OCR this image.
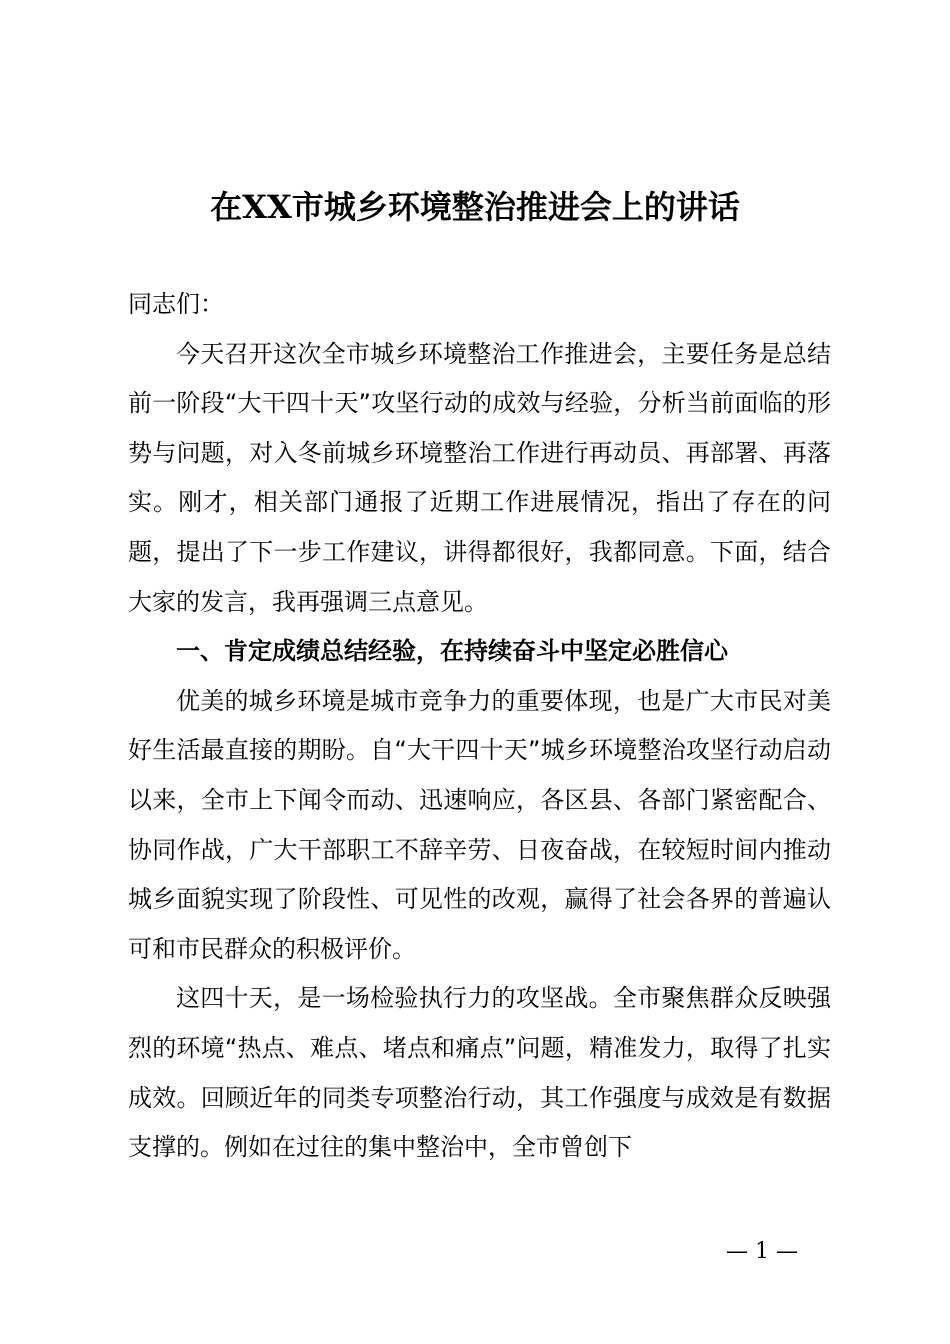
在XX市城乡环境整治推进会上的讲话

同志们：

今天召开这次全市城乡环境整治工作推进会，主要任务是总结前一阶段“大干四十天”攻坚行动的成效与经验，分析当前面临的形势与问题，对入冬前城乡环境整治工作进行再动员、再部署、再落实。刚才，相关部门通报了近期工作进展情况，指出了存在的问题，提出了下一步工作建议，讲得都很好，我都同意。下面，结合大家的发言，我再强调三点意见。

一、肯定成绩总结经验，在持续奋斗中坚定必胜信心

优美的城乡环境是城市竞争力的重要体现，也是广大市民对美好生活最直接的期盼。自“大干四十天”城乡环境整治攻坚行动启动以来，全市上下闻令而动、迅速响应，各区县、各部门紧密配合、协同作战，广大干部职工不辞辛劳、日夜奋战，在较短时间内推动城乡面貌实现了阶段性、可见性的改观，赢得了社会各界的普遍认可和市民群众的积极评价。

这四十天，是一场检验执行力的攻坚战。全市聚焦群众反映强烈的环境“热点、难点、堵点和痛点”问题，精准发力，取得了扎实成效。回顾近年的同类专项整治行动，其工作强度与成效是有数据支撑的。例如在过往的集中整治中，全市曾创下

— 1 —
